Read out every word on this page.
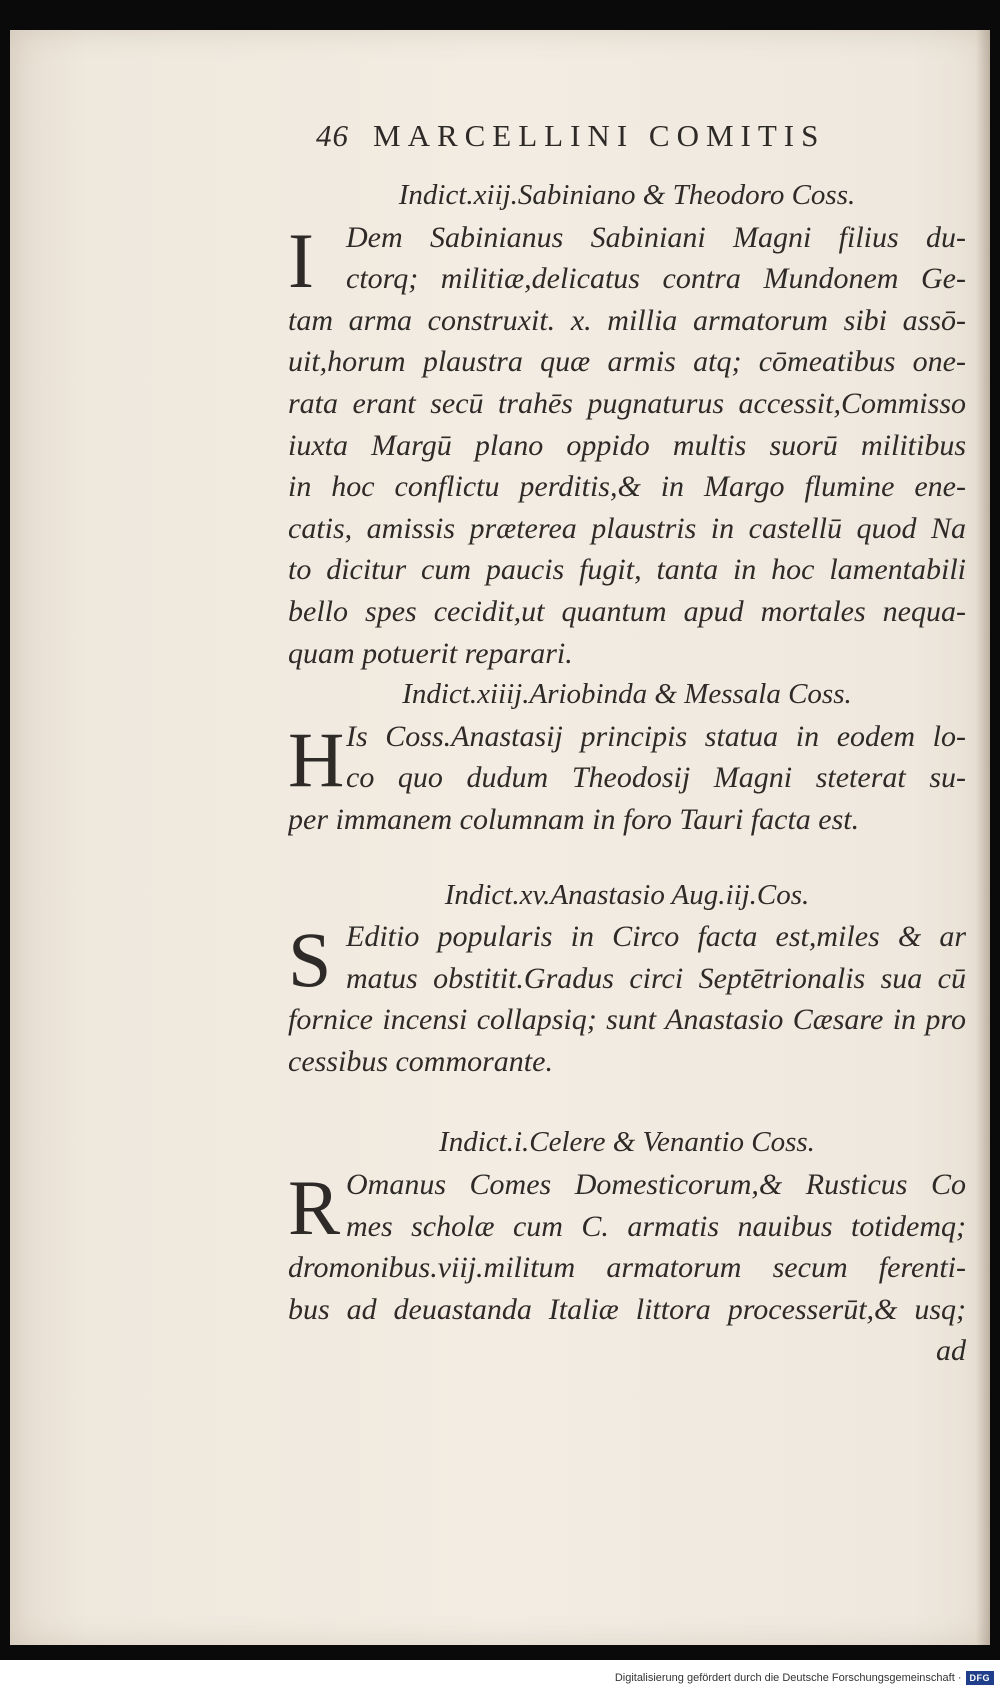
46 MARCELLINI COMITIS
Indict.xiij.Sabiniano & Theodoro Coss.
I	Dem Sabinianus Sabiniani Magni filius du-
ctorq; militiæ,delicatus contra Mundonem Ge-
tam arma construxit. x. millia armatorum sibi assō-
uit,horum plaustra quæ armis atq; cōmeatibus one-
rata erant secū trahēs pugnaturus accessit,Commisso
iuxta Margū plano oppido multis suorū militibus
in hoc conflictu perditis,& in Margo flumine ene-
catis, amissis præterea plaustris in castellū quod Na
to dicitur cum paucis fugit, tanta in hoc lamentabili
bello spes cecidit,ut quantum apud mortales nequa-
quam potuerit reparari.
Indict.xiiij.Ariobinda & Messala Coss.
H Is Coss.Anastasij principis statua in eodem lo-
co quo dudum Theodosij Magni steterat su-
per immanem columnam in foro Tauri facta est.
Indict.xv.Anastasio Aug.iij.Cos.
S Editio popularis in Circo facta est,miles & ar
matus obstitit.Gradus circi Septētrionalis sua cū
fornice incensi collapsiq; sunt Anastasio Cæsare in pro
cessibus commorante.
Indict.i.Celere & Venantio Coss.
R Omanus Comes Domesticorum,& Rusticus Co
mes scholæ cum C. armatis nauibus totidemq;
dromonibus.viij.militum armatorum secum ferenti-
bus ad deuastanda Italiæ littora processerūt,& usq;
ad
Digitalisierung gefördert durch die Deutsche Forschungsgemeinschaft · DFG
